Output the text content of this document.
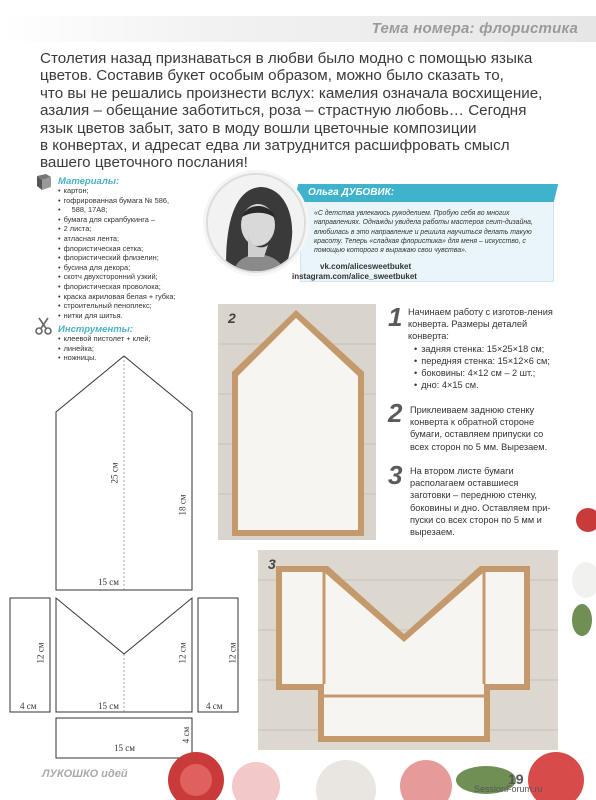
Тема номера: флористика

Столетия назад признаваться в любви было модно с помощью языка

цветов. Составив букет особым образом, можно было сказать то,

что вы не решались произнести вслух: камелия означала восхищение,

азалия – обещание заботиться, роза – страстную любовь… Сегодня

язык цветов забыт, зато в моду вошли цветочные композиции

в конвертах, и адресат едва ли затруднится расшифровать смысл

вашего цветочного послания!

Материалы:
• картон;
• гофрированная бумага № 586,
• 588, 17А8;
• бумага для скрапбукинга –
• 2 листа;
• атласная лента;
• флористическая сетка;
• флористический флизелин;
• бусина для декора;
• скотч двухсторонний узкий;
• флористическая проволока;
• краска акриловая белая + губка;
• строительный пеноплекс;
• нитки для шитья.
Инструменты:
• клеевой пистолет + клей;
• линейка;
• ножницы.
Ольга ДУБОВИК:
«С детства увлекаюсь рукоделием. Пробую себя во многих направлениях. Однажды увидела работы мастеров сеит-дизайна, влюбилась в это направление и решила научиться делать такую красоту. Теперь «сладкая флористика» для меня – искусство, с помощью которого я выражаю свои чувства».
vk.com/alicesweetbuket
instagram.com/alice_sweetbuket
2	1 Начинаем работу с изготов-ления конверта. Размеры деталей конверта:
• задняя стенка: 15×25×18 см;
• передняя стенка: 15×12×6 см;
• боковины: 4×12 см – 2 шт.;
• дно: 4×15 см.
2 Приклеиваем заднюю стенку конверта к обратной стороне бумаги, оставляем припуски со всех сторон по 5 мм. Вырезаем.
3 На втором листе бумаги располагаем оставшиеся заготовки – переднюю стенку, боковины и дно. Оставляем при-пуски со всех сторон по 5 мм и вырезаем.
3
25 см
18 см
15 см
12 см	12 см	12 см
4 см	15 см	4 см
15 см
4 см
ЛУКОШКО идей	19
SessionForum.ru
